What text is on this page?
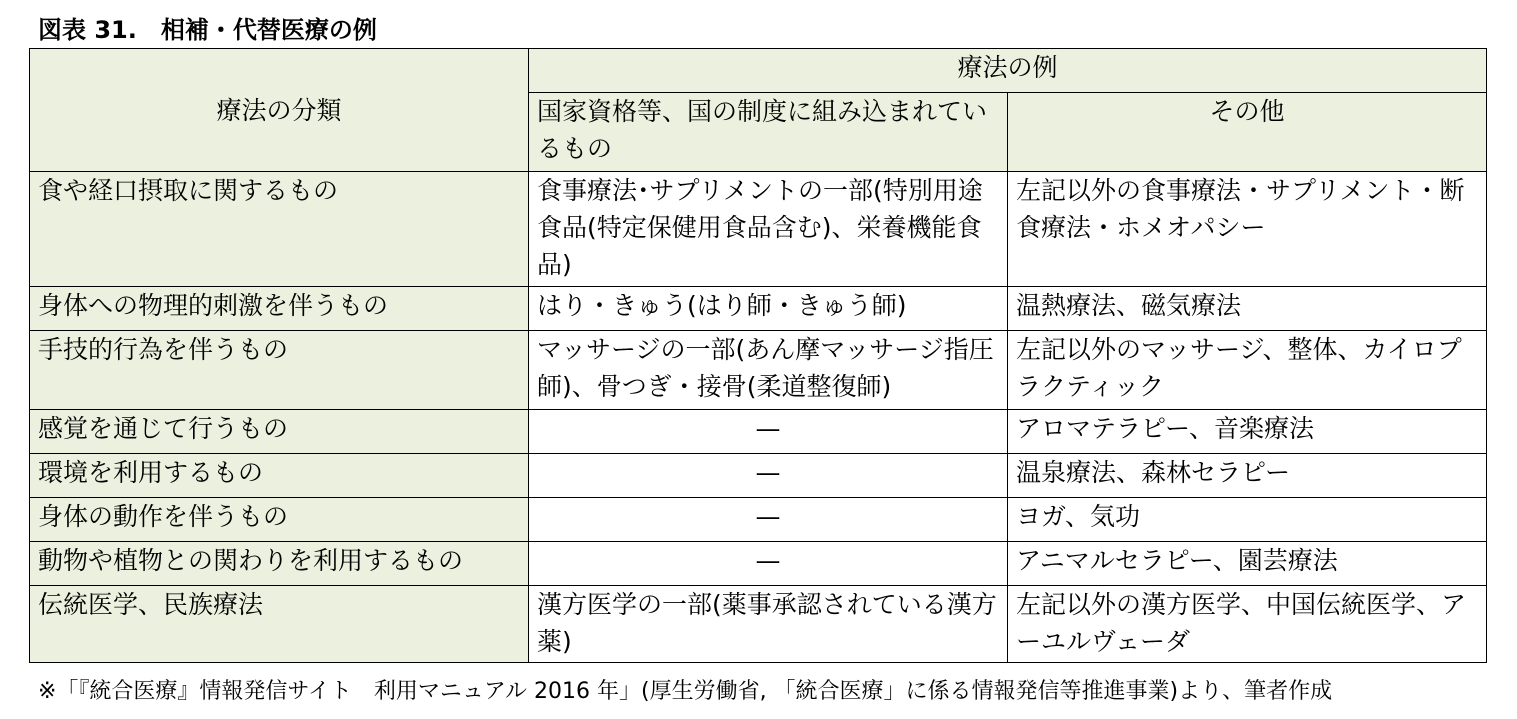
図表 31.　相補・代替医療の例
療法の分類	療法の例	

	国家資格等、国の制度に組み込まれているもの	その他

食や経口摂取に関するもの	食事療法･サプリメントの一部(特別用途食品(特定保健用食品含む)、栄養機能食品)	左記以外の食事療法・サプリメント・断食療法・ホメオパシー

身体への物理的刺激を伴うもの	はり・きゅう(はり師・きゅう師)	温熱療法、磁気療法

手技的行為を伴うもの	マッサージの一部(あん摩マッサージ指圧師)、骨つぎ・接骨(柔道整復師)	左記以外のマッサージ、整体、カイロプラクティック

感覚を通じて行うもの	—	アロマテラピー、音楽療法

環境を利用するもの	—	温泉療法、森林セラピー

身体の動作を伴うもの	—	ヨガ、気功

動物や植物との関わりを利用するもの	—	アニマルセラピー、園芸療法

伝統医学、民族療法	漢方医学の一部(薬事承認されている漢方薬)	左記以外の漢方医学、中国伝統医学、アーユルヴェーダ
※「『統合医療』情報発信サイト　利用マニュアル 2016 年」(厚生労働省, 「統合医療」に係る情報発信等推進事業)より、筆者作成
